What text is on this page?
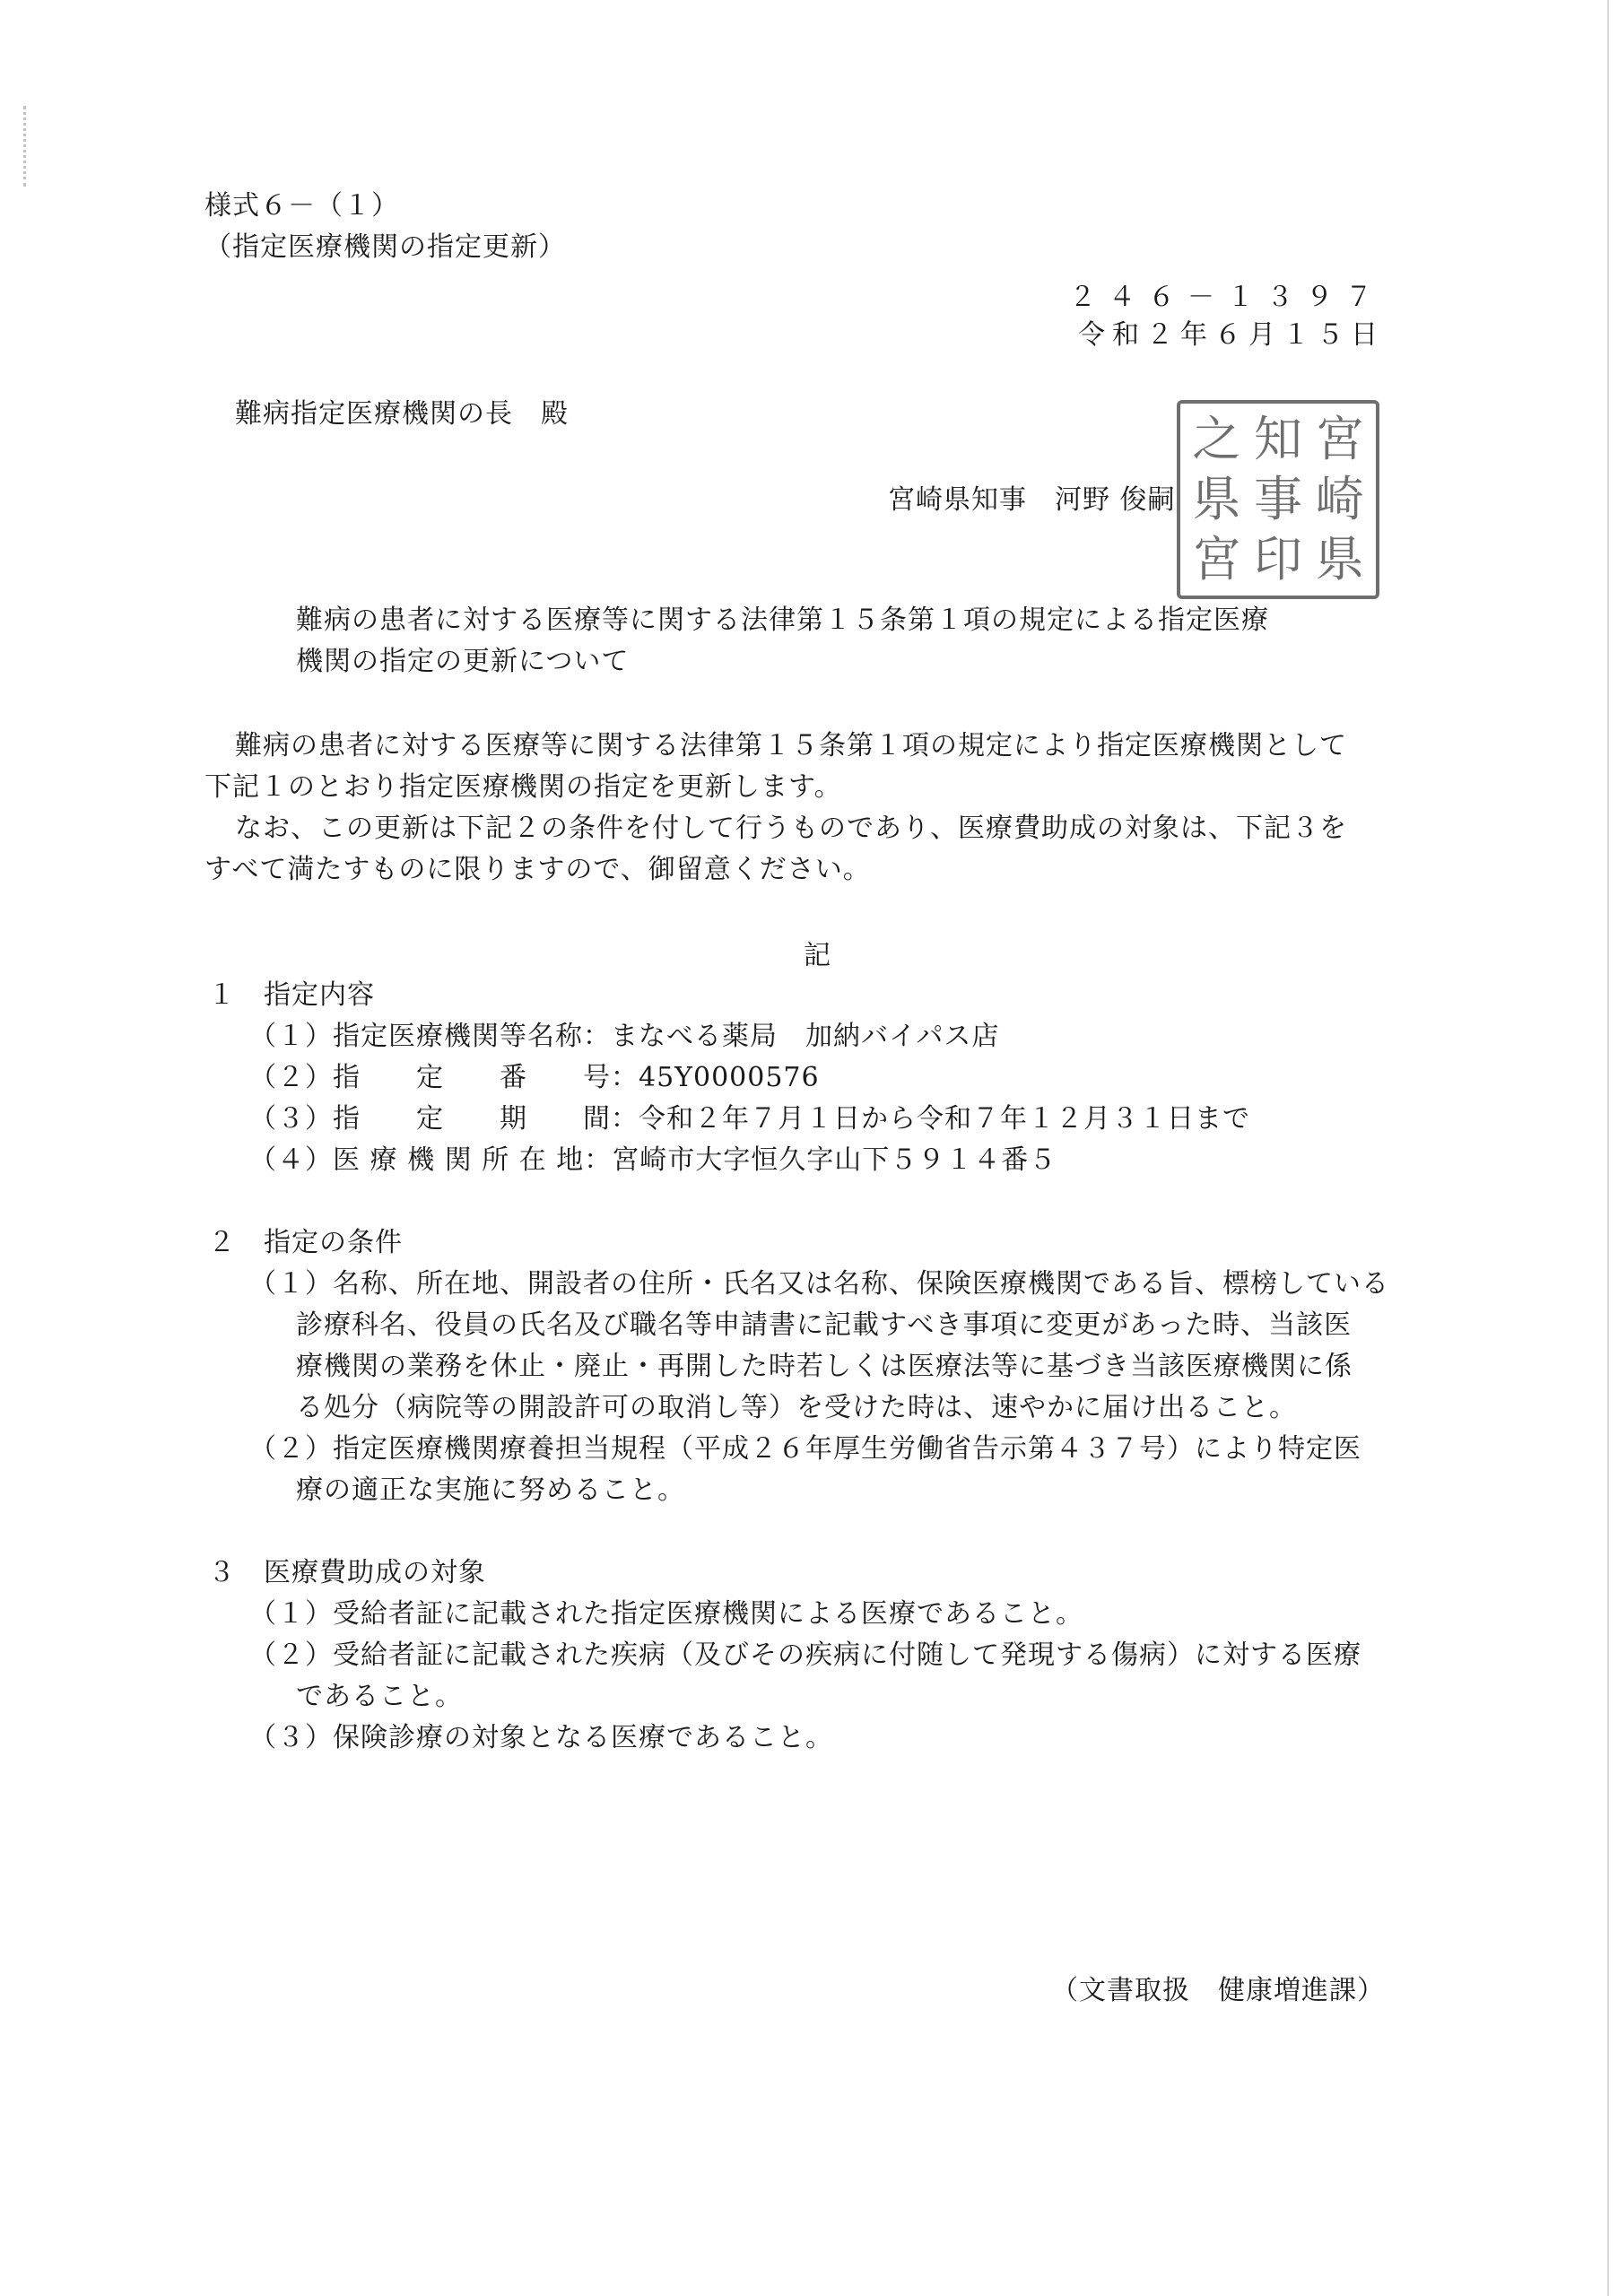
様式６－（１）
（指定医療機関の指定更新）
２４６－１３９７
令和２年６月１５日
難病指定医療機関の長　殿
宮崎県知事　河野 俊嗣
宮
崎
県
知
事
印
之
県
宮
難病の患者に対する医療等に関する法律第１５条第１項の規定による指定医療
機関の指定の更新について
難病の患者に対する医療等に関する法律第１５条第１項の規定により指定医療機関として
下記１のとおり指定医療機関の指定を更新します。
なお、この更新は下記２の条件を付して行うものであり、医療費助成の対象は、下記３を
すべて満たすものに限りますので、御留意ください。
記
１　指定内容
（１）指定医療機関等名称：まなべる薬局　加納バイパス店
（２）指　　定　　番　　号：45Y0000576
（３）指　　定　　期　　間：令和２年７月１日から令和７年１２月３１日まで
（４）医 療 機 関 所 在 地：宮崎市大字恒久字山下５９１４番５
２　指定の条件
（１）名称、所在地、開設者の住所・氏名又は名称、保険医療機関である旨、標榜している
診療科名、役員の氏名及び職名等申請書に記載すべき事項に変更があった時、当該医
療機関の業務を休止・廃止・再開した時若しくは医療法等に基づき当該医療機関に係
る処分（病院等の開設許可の取消し等）を受けた時は、速やかに届け出ること。
（２）指定医療機関療養担当規程（平成２６年厚生労働省告示第４３７号）により特定医
療の適正な実施に努めること。
３　医療費助成の対象
（１）受給者証に記載された指定医療機関による医療であること。
（２）受給者証に記載された疾病（及びその疾病に付随して発現する傷病）に対する医療
であること。
（３）保険診療の対象となる医療であること。
（文書取扱　健康増進課）
